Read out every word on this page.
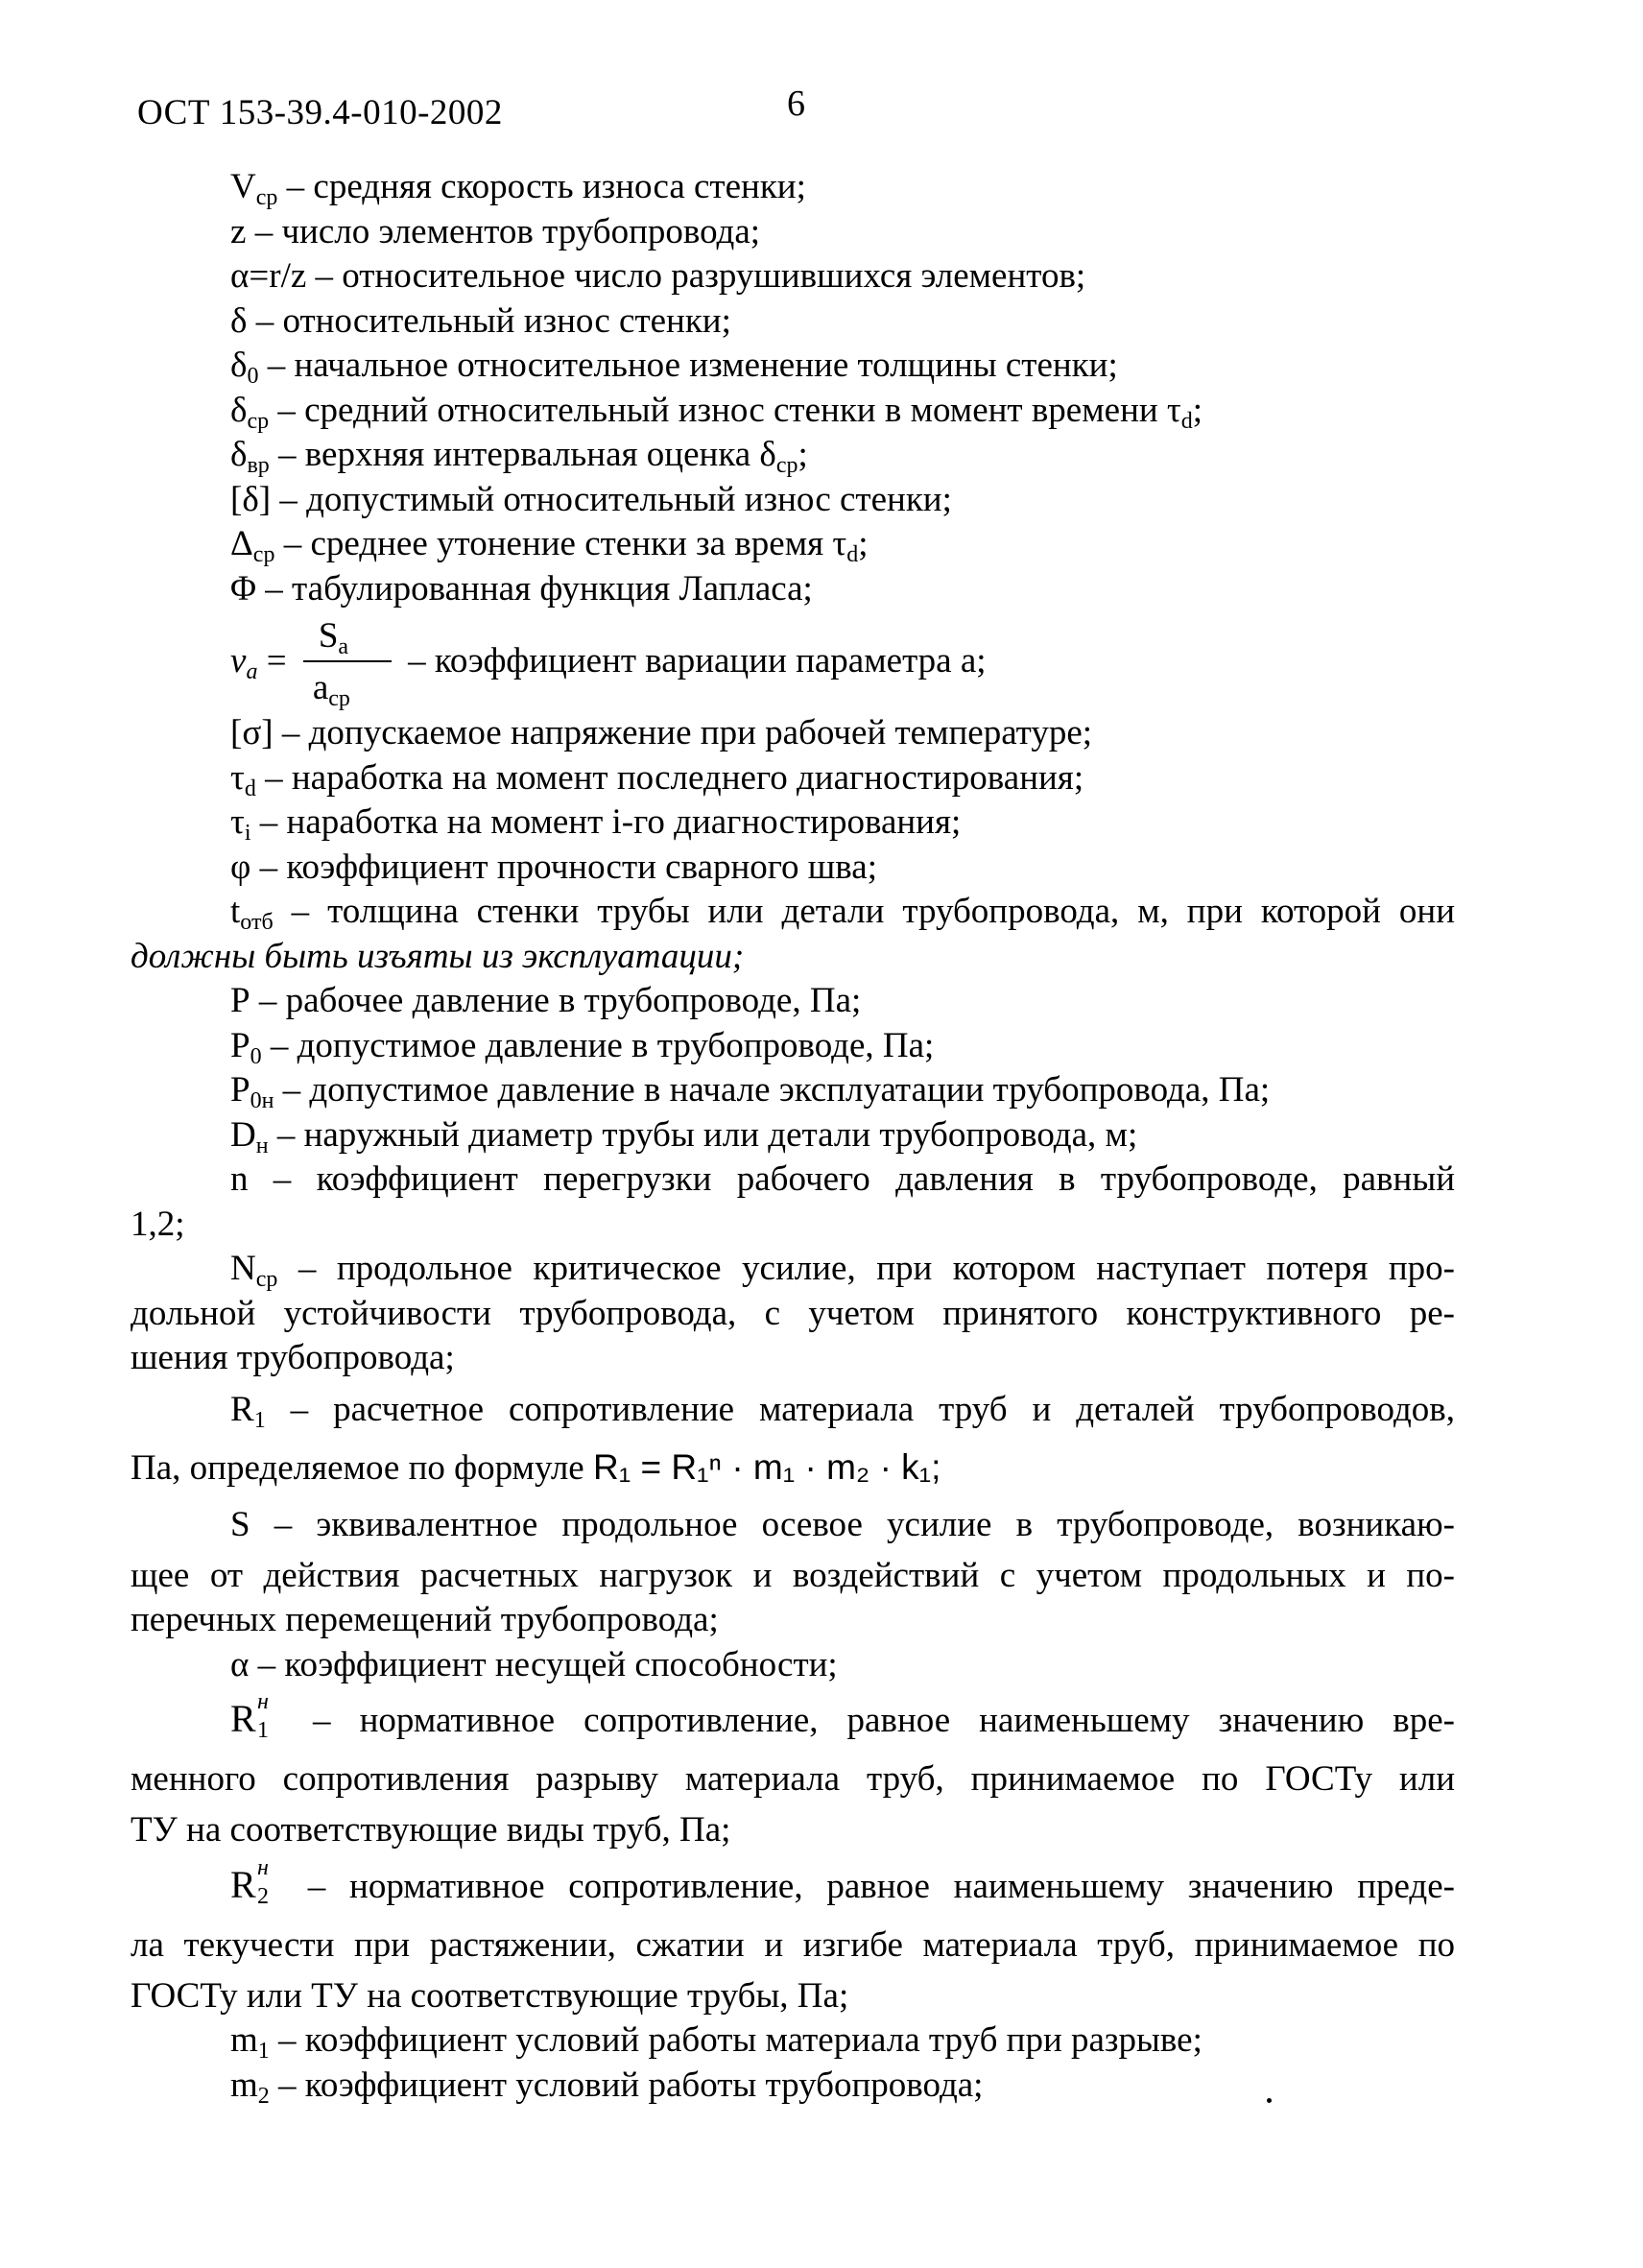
ОСТ 153-39.4-010-2002	6
$V_{ср}$ – средняя скорость износа стенки;
z – число элементов трубопровода;
α=r/z – относительное число разрушившихся элементов;
δ – относительный износ стенки;
$\delta_0$ – начальное относительное изменение толщины стенки;
$\delta_{ср}$ – средний относительный износ стенки в момент времени $\tau_d$;
$\delta_{вр}$ – верхняя интервальная оценка $\delta_{ср}$;
[δ] – допустимый относительный износ стенки;
$\Delta_{ср}$ – среднее утонение стенки за время $\tau_d$;
Φ – табулированная функция Лапласа;
$v_a = \frac{S_a}{a_{ср}}$ – коэффициент вариации параметра a;
[σ] – допускаемое напряжение при рабочей температуре;
$\tau_d$ – наработка на момент последнего диагностирования;
$\tau_i$ – наработка на момент i-го диагностирования;
φ – коэффициент прочности сварного шва;
$t_{отб}$ – толщина стенки трубы или детали трубопровода, м, при которой они
должны быть изъяты из эксплуатации;
P – рабочее давление в трубопроводе, Па;
$P_0$ – допустимое давление в трубопроводе, Па;
$P_{0н}$ – допустимое давление в начале эксплуатации трубопровода, Па;
$D_н$ – наружный диаметр трубы или детали трубопровода, м;
n – коэффициент перегрузки рабочего давления в трубопроводе, равный
1,2;
$N_{ср}$ – продольное критическое усилие, при котором наступает потеря про-
дольной устойчивости трубопровода, с учетом принятого конструктивного ре-
шения трубопровода;
$R_1$ – расчетное сопротивление материала труб и деталей трубопроводов,
Па, определяемое по формуле R₁ = R₁ⁿ · m₁ · m₂ · k₁;
S – эквивалентное продольное осевое усилие в трубопроводе, возникаю-
щее от действия расчетных нагрузок и воздействий с учетом продольных и по-
перечных перемещений трубопровода;
α – коэффициент несущей способности;
R н
1 – нормативное сопротивление, равное наименьшему значению вре-
менного сопротивления разрыву материала труб, принимаемое по ГОСТу или
ТУ на соответствующие виды труб, Па;
R н
2 – нормативное сопротивление, равное наименьшему значению предe-
ла текучести при растяжении, сжатии и изгибе материала труб, принимаемое по
ГОСТу или ТУ на соответствующие трубы, Па;
$m_1$ – коэффициент условий работы материала труб при разрыве;
$m_2$ – коэффициент условий работы трубопровода;
